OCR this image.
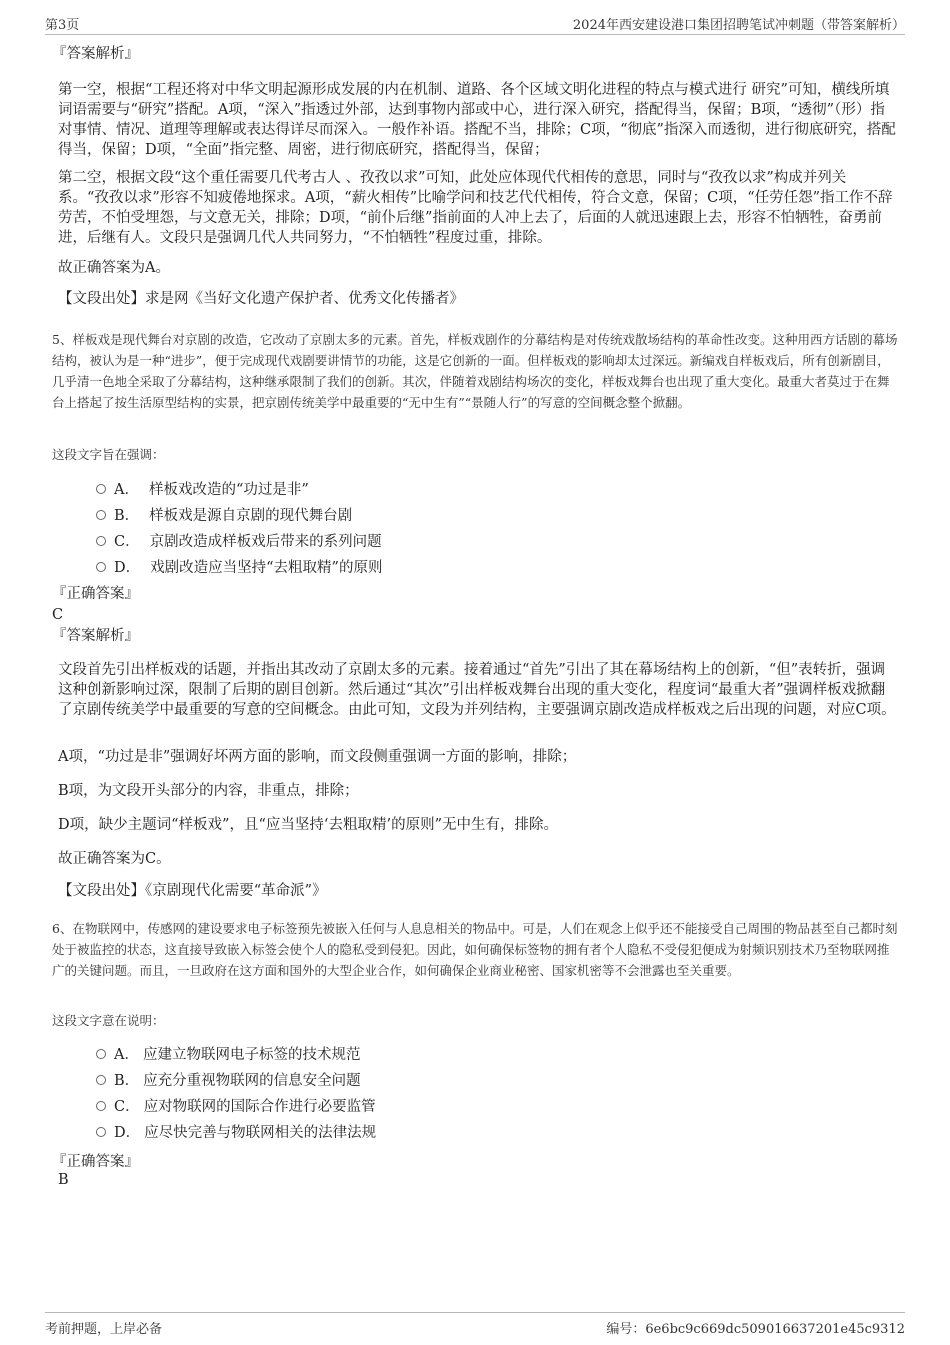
第3页	2024年西安建设港口集团招聘笔试冲刺题（带答案解析）
『答案解析』

第一空，根据“工程还将对中华文明起源形成发展的内在机制、道路、各个区域文明化进程的特点与模式进行 研究”可知，横线所填词语需要与“研究”搭配。A项，“深入”指透过外部，达到事物内部或中心，进行深入研究，搭配得当，保留；B项，“透彻”（形）指对事情、情况、道理等理解或表达得详尽而深入。一般作补语。搭配不当，排除；C项，“彻底”指深入而透彻，进行彻底研究，搭配得当，保留；D项，“全面”指完整、周密，进行彻底研究，搭配得当，保留；

第二空，根据文段“这个重任需要几代考古人 、孜孜以求”可知，此处应体现代代相传的意思，同时与“孜孜以求”构成并列关系。“孜孜以求”形容不知疲倦地探求。A项，“薪火相传”比喻学问和技艺代代相传，符合文意，保留；C项，“任劳任怨”指工作不辞劳苦，不怕受埋怨，与文意无关，排除；D项，“前仆后继”指前面的人冲上去了，后面的人就迅速跟上去，形容不怕牺牲，奋勇前进，后继有人。文段只是强调几代人共同努力，“不怕牺牲”程度过重，排除。

故正确答案为A。

【文段出处】求是网《当好文化遗产保护者、优秀文化传播者》

5、样板戏是现代舞台对京剧的改造，它改动了京剧太多的元素。首先，样板戏剧作的分幕结构是对传统戏散场结构的革命性改变。这种用西方话剧的幕场结构，被认为是一种“进步”，便于完成现代戏剧要讲情节的功能，这是它创新的一面。但样板戏的影响却太过深远。新编戏自样板戏后，所有创新剧目，几乎清一色地全采取了分幕结构，这种继承限制了我们的创新。其次，伴随着戏剧结构场次的变化，样板戏舞台也出现了重大变化。最重大者莫过于在舞台上搭起了按生活原型结构的实景，把京剧传统美学中最重要的“无中生有”“景随人行”的写意的空间概念整个掀翻。

这段文字旨在强调：

A． 样板戏改造的“功过是非”
B． 样板戏是源自京剧的现代舞台剧
C． 京剧改造成样板戏后带来的系列问题
D． 戏剧改造应当坚持“去粗取精”的原则
『正确答案』
C
『答案解析』

文段首先引出样板戏的话题，并指出其改动了京剧太多的元素。接着通过“首先”引出了其在幕场结构上的创新，“但”表转折，强调这种创新影响过深，限制了后期的剧目创新。然后通过“其次”引出样板戏舞台出现的重大变化，程度词“最重大者”强调样板戏掀翻了京剧传统美学中最重要的写意的空间概念。由此可知，文段为并列结构，主要强调京剧改造成样板戏之后出现的问题，对应C项。

A项，“功过是非”强调好坏两方面的影响，而文段侧重强调一方面的影响，排除；

B项，为文段开头部分的内容，非重点，排除；

D项，缺少主题词“样板戏”，且“应当坚持‘去粗取精’的原则”无中生有，排除。

故正确答案为C。

【文段出处】《京剧现代化需要“革命派”》

6、在物联网中，传感网的建设要求电子标签预先被嵌入任何与人息息相关的物品中。可是，人们在观念上似乎还不能接受自己周围的物品甚至自己都时刻处于被监控的状态，这直接导致嵌入标签会使个人的隐私受到侵犯。因此，如何确保标签物的拥有者个人隐私不受侵犯便成为射频识别技术乃至物联网推广的关键问题。而且，一旦政府在这方面和国外的大型企业合作，如何确保企业商业秘密、国家机密等不会泄露也至关重要。

这段文字意在说明：

A． 应建立物联网电子标签的技术规范
B． 应充分重视物联网的信息安全问题
C． 应对物联网的国际合作进行必要监管
D． 应尽快完善与物联网相关的法律法规
『正确答案』
B
考前押题，上岸必备	编号：6e6bc9c669dc509016637201e45c9312
